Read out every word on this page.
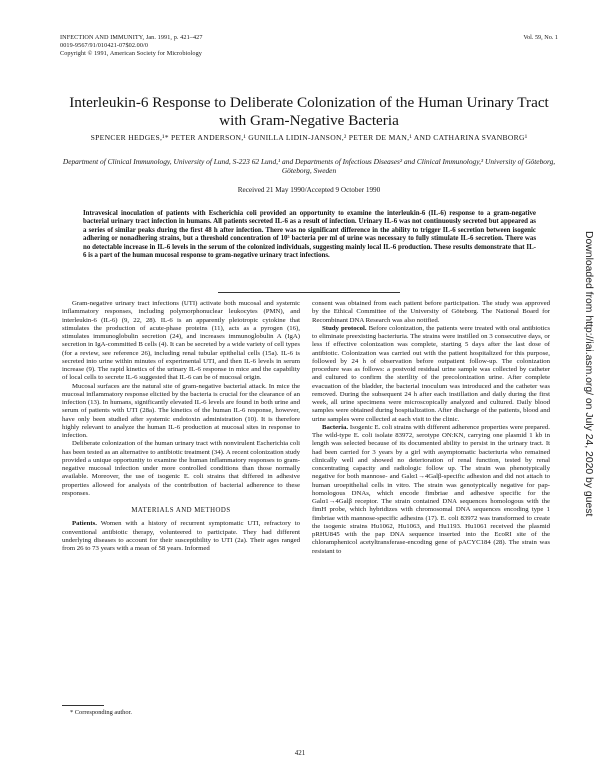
INFECTION AND IMMUNITY, Jan. 1991, p. 421–427
0019-9567/91/010421-07$02.00/0
Copyright © 1991, American Society for Microbiology
Vol. 59, No. 1
Interleukin-6 Response to Deliberate Colonization of the Human Urinary Tract with Gram-Negative Bacteria
SPENCER HEDGES,¹* PETER ANDERSON,¹ GUNILLA LIDIN-JANSON,² PETER DE MAN,¹ AND CATHARINA SVANBORG¹
Department of Clinical Immunology, University of Lund, S-223 62 Lund,¹ and Departments of Infectious Diseases² and Clinical Immunology,³ University of Göteborg, Göteborg, Sweden
Received 21 May 1990/Accepted 9 October 1990
Intravesical inoculation of patients with Escherichia coli provided an opportunity to examine the interleukin-6 (IL-6) response to a gram-negative bacterial urinary tract infection in humans. All patients secreted IL-6 as a result of infection. Urinary IL-6 was not continuously secreted but appeared as a series of similar peaks during the first 48 h after infection. There was no significant difference in the ability to trigger IL-6 secretion between isogenic adhering or nonadhering strains, but a threshold concentration of 10⁵ bacteria per ml of urine was necessary to fully stimulate IL-6 secretion. There was no detectable increase in IL-6 levels in the serum of the colonized individuals, suggesting mainly local IL-6 production. These results demonstrate that IL-6 is a part of the human mucosal response to gram-negative urinary tract infections.

Gram-negative urinary tract infections (UTI) activate both mucosal and systemic inflammatory responses, including polymorphonuclear leukocytes (PMN), and interleukin-6 (IL-6) (9, 22, 28). IL-6 is an apparently pleiotropic cytokine that stimulates the production of acute-phase proteins (11), acts as a pyrogen (16), stimulates immunoglobulin secretion (24), and increases immunoglobulin A (IgA) secretion in IgA-committed B cells (4). It can be secreted by a wide variety of cell types (for a review, see reference 26), including renal tubular epithelial cells (15a). IL-6 is secreted into urine within minutes of experimental UTI, and then IL-6 levels in serum increase (9). The rapid kinetics of the urinary IL-6 response in mice and the capability of local cells to secrete IL-6 suggested that IL-6 can be of mucosal origin.

Mucosal surfaces are the natural site of gram-negative bacterial attack. In mice the mucosal inflammatory response elicited by the bacteria is crucial for the clearance of an infection (13). In humans, significantly elevated IL-6 levels are found in both urine and serum of patients with UTI (28a). The kinetics of the human IL-6 response, however, have only been studied after systemic endotoxin administration (10). It is therefore highly relevant to analyze the human IL-6 production at mucosal sites in response to infection.

Deliberate colonization of the human urinary tract with nonvirulent Escherichia coli has been tested as an alternative to antibiotic treatment (34). A recent colonization study provided a unique opportunity to examine the human inflammatory responses to gram-negative mucosal infection under more controlled conditions than those normally available. Moreover, the use of isogenic E. coli strains that differed in adhesive properties allowed for analysis of the contribution of bacterial adherence to these responses.

MATERIALS AND METHODS

Patients. Women with a history of recurrent symptomatic UTI, refractory to conventional antibiotic therapy, volunteered to participate. They had different underlying diseases to account for their susceptibility to UTI (2a). Their ages ranged from 26 to 73 years with a mean of 58 years. Informed

consent was obtained from each patient before participation. The study was approved by the Ethical Committee of the University of Göteborg. The National Board for Recombinant DNA Research was also notified.

Study protocol. Before colonization, the patients were treated with oral antibiotics to eliminate preexisting bacteriuria. The strains were instilled on 3 consecutive days, or less if effective colonization was complete, starting 5 days after the last dose of antibiotic. Colonization was carried out with the patient hospitalized for this purpose, followed by 24 h of observation before outpatient follow-up. The colonization procedure was as follows: a postvoid residual urine sample was collected by catheter and cultured to confirm the sterility of the precolonization urine. After complete evacuation of the bladder, the bacterial inoculum was introduced and the catheter was removed. During the subsequent 24 h after each instillation and daily during the first week, all urine specimens were microscopically analyzed and cultured. Daily blood samples were obtained during hospitalization. After discharge of the patients, blood and urine samples were collected at each visit to the clinic.

Bacteria. Isogenic E. coli strains with different adherence properties were prepared. The wild-type E. coli isolate 83972, serotype ON:KN, carrying one plasmid 1 kb in length was selected because of its documented ability to persist in the urinary tract. It had been carried for 3 years by a girl with asymptomatic bacteriuria who remained clinically well and showed no deterioration of renal function, tested by renal concentrating capacity and radiologic follow up. The strain was phenotypically negative for both mannose- and Galα1→4Galβ-specific adhesion and did not attach to human uroepithelial cells in vitro. The strain was genotypically negative for pap-homologous DNAs, which encode fimbriae and adhesive specific for the Galα1→4Galβ receptor. The strain contained DNA sequences homologous with the fimH probe, which hybridizes with chromosomal DNA sequences encoding type 1 fimbriae with mannose-specific adhesins (17). E. coli 83972 was transformed to create the isogenic strains Hu1062, Hu1063, and Hu1193. Hu1061 received the plasmid pRHU845 with the pap DNA sequence inserted into the EcoRI site of the chloramphenicol acetyltransferase-encoding gene of pACYC184 (28). The strain was resistant to

* Corresponding author.
421
Downloaded from http://iai.asm.org/ on July 24, 2020 by guest
